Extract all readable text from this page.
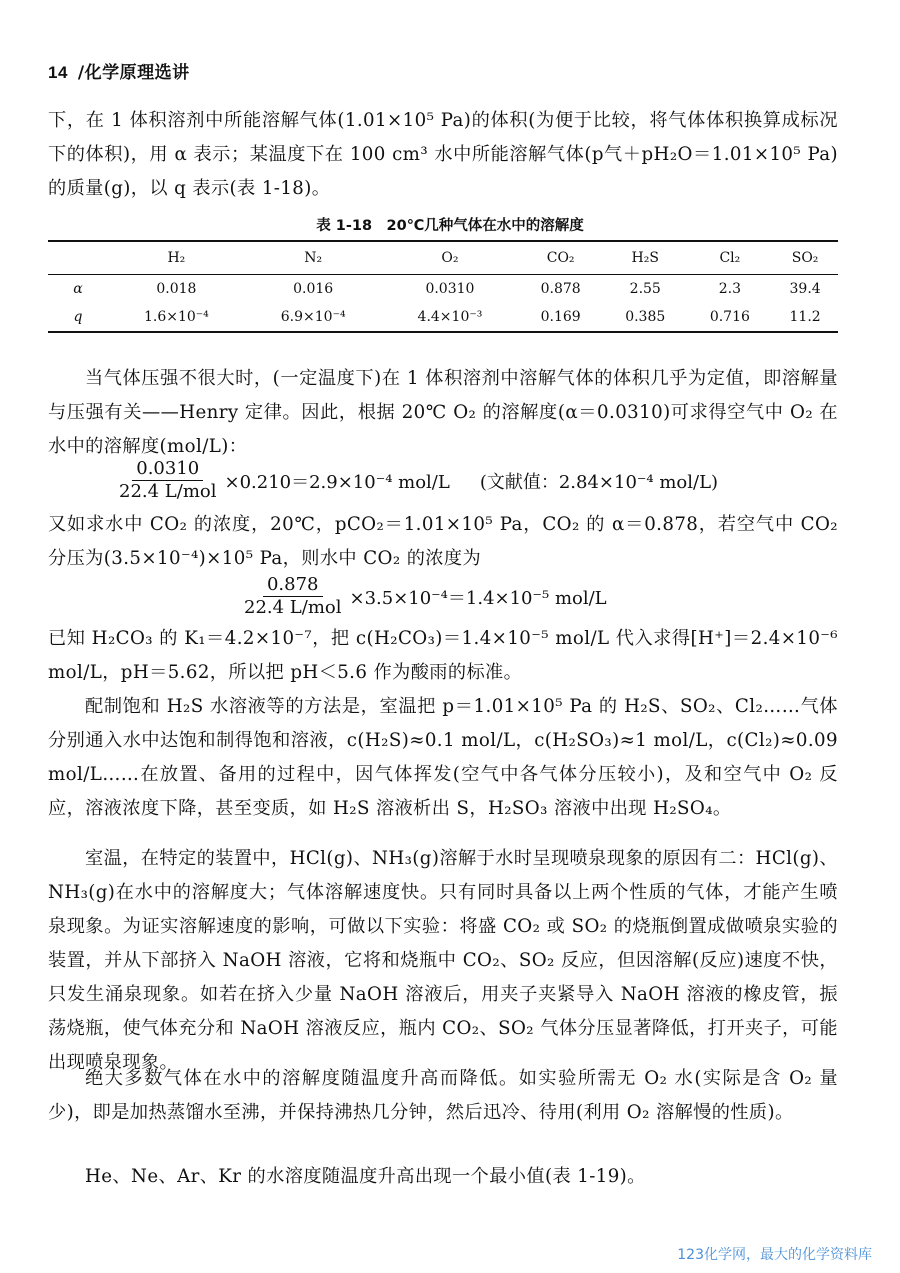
14 /化学原理选讲

下，在 1 体积溶剂中所能溶解气体(1.01×10⁵ Pa)的体积(为便于比较，将气体体积换算成标况下的体积)，用 α 表示；某温度下在 100 cm³ 水中所能溶解气体(p气＋pH₂O＝1.01×10⁵ Pa)的质量(g)，以 q 表示(表 1-18)。

表 1-18　20℃几种气体在水中的溶解度
	H₂	N₂	O₂	CO₂	H₂S	Cl₂	SO₂
α	0.018	0.016	0.0310	0.878	2.55	2.3	39.4
q	1.6×10⁻⁴	6.9×10⁻⁴	4.4×10⁻³	0.169	0.385	0.716	11.2

当气体压强不很大时，(一定温度下)在 1 体积溶剂中溶解气体的体积几乎为定值，即溶解量与压强有关——Henry 定律。因此，根据 20℃ O₂ 的溶解度(α＝0.0310)可求得空气中 O₂ 在水中的溶解度(mol/L)：

$\frac{0.0310}{\text{22.4 L/mol}} \times 0.210=2.9\times 10^{-4}$ mol/L (文献值：2.84×10⁻⁴ mol/L)

又如求水中 CO₂ 的浓度，20℃，pCO₂＝1.01×10⁵ Pa，CO₂ 的 α＝0.878，若空气中 CO₂ 分压为(3.5×10⁻⁴)×10⁵ Pa，则水中 CO₂ 的浓度为

$\frac{0.878}{\text{22.4 L/mol}} \times 3.5\times 10^{-4}=1.4\times 10^{-5}$ mol/L

已知 H₂CO₃ 的 K₁＝4.2×10⁻⁷，把 c(H₂CO₃)＝1.4×10⁻⁵ mol/L 代入求得[H⁺]＝2.4×10⁻⁶ mol/L，pH＝5.62，所以把 pH＜5.6 作为酸雨的标准。

配制饱和 H₂S 水溶液等的方法是，室温把 p＝1.01×10⁵ Pa 的 H₂S、SO₂、Cl₂……气体分别通入水中达饱和制得饱和溶液，c(H₂S)≈0.1 mol/L，c(H₂SO₃)≈1 mol/L，c(Cl₂)≈0.09 mol/L……在放置、备用的过程中，因气体挥发(空气中各气体分压较小)，及和空气中 O₂ 反应，溶液浓度下降，甚至变质，如 H₂S 溶液析出 S，H₂SO₃ 溶液中出现 H₂SO₄。

室温，在特定的装置中，HCl(g)、NH₃(g)溶解于水时呈现喷泉现象的原因有二：HCl(g)、NH₃(g)在水中的溶解度大；气体溶解速度快。只有同时具备以上两个性质的气体，才能产生喷泉现象。为证实溶解速度的影响，可做以下实验：将盛 CO₂ 或 SO₂ 的烧瓶倒置成做喷泉实验的装置，并从下部挤入 NaOH 溶液，它将和烧瓶中 CO₂、SO₂ 反应，但因溶解(反应)速度不快，只发生涌泉现象。如若在挤入少量 NaOH 溶液后，用夹子夹紧导入 NaOH 溶液的橡皮管，振荡烧瓶，使气体充分和 NaOH 溶液反应，瓶内 CO₂、SO₂ 气体分压显著降低，打开夹子，可能出现喷泉现象。

绝大多数气体在水中的溶解度随温度升高而降低。如实验所需无 O₂ 水(实际是含 O₂ 量少)，即是加热蒸馏水至沸，并保持沸热几分钟，然后迅冷、待用(利用 O₂ 溶解慢的性质)。

He、Ne、Ar、Kr 的水溶度随温度升高出现一个最小值(表 1-19)。

123化学网，最大的化学资料库
